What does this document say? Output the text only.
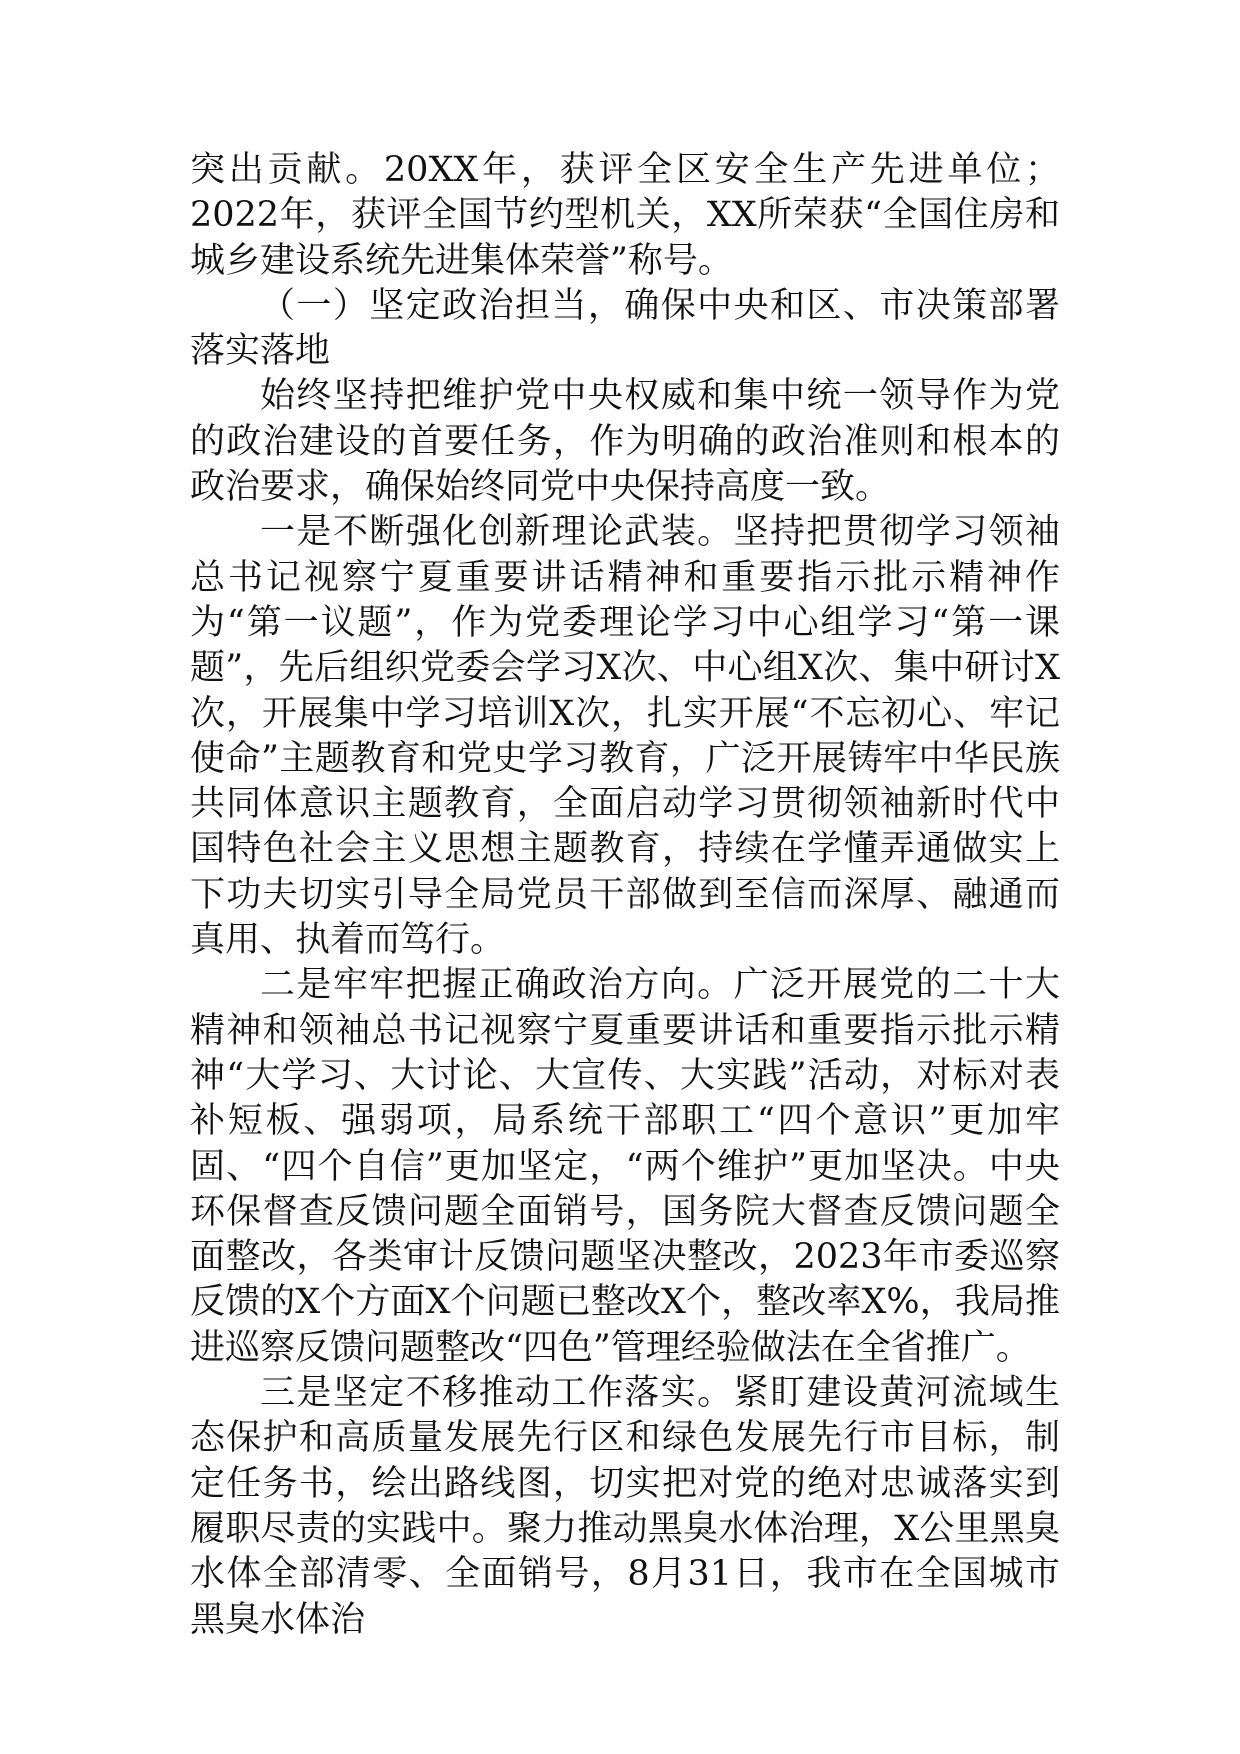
突出贡献。20XX年，获评全区安全生产先进单位；2022年，获评全国节约型机关，XX所荣获“全国住房和城乡建设系统先进集体荣誉”称号。

（一）坚定政治担当，确保中央和区、市决策部署落实落地

始终坚持把维护党中央权威和集中统一领导作为党的政治建设的首要任务，作为明确的政治准则和根本的政治要求，确保始终同党中央保持高度一致。

一是不断强化创新理论武装。坚持把贯彻学习领袖总书记视察宁夏重要讲话精神和重要指示批示精神作为“第一议题”，作为党委理论学习中心组学习“第一课题”，先后组织党委会学习X次、中心组X次、集中研讨X次，开展集中学习培训X次，扎实开展“不忘初心、牢记使命”主题教育和党史学习教育，广泛开展铸牢中华民族共同体意识主题教育，全面启动学习贯彻领袖新时代中国特色社会主义思想主题教育，持续在学懂弄通做实上下功夫切实引导全局党员干部做到至信而深厚、融通而真用、执着而笃行。

二是牢牢把握正确政治方向。广泛开展党的二十大精神和领袖总书记视察宁夏重要讲话和重要指示批示精神“大学习、大讨论、大宣传、大实践”活动，对标对表补短板、强弱项，局系统干部职工“四个意识”更加牢固、“四个自信”更加坚定，“两个维护”更加坚决。中央环保督查反馈问题全面销号，国务院大督查反馈问题全面整改，各类审计反馈问题坚决整改，2023年市委巡察反馈的X个方面X个问题已整改X个，整改率X%，我局推进巡察反馈问题整改“四色”管理经验做法在全省推广。

三是坚定不移推动工作落实。紧盯建设黄河流域生态保护和高质量发展先行区和绿色发展先行市目标，制定任务书，绘出路线图，切实把对党的绝对忠诚落实到履职尽责的实践中。聚力推动黑臭水体治理，X公里黑臭水体全部清零、全面销号，8月31日，我市在全国城市黑臭水体治
